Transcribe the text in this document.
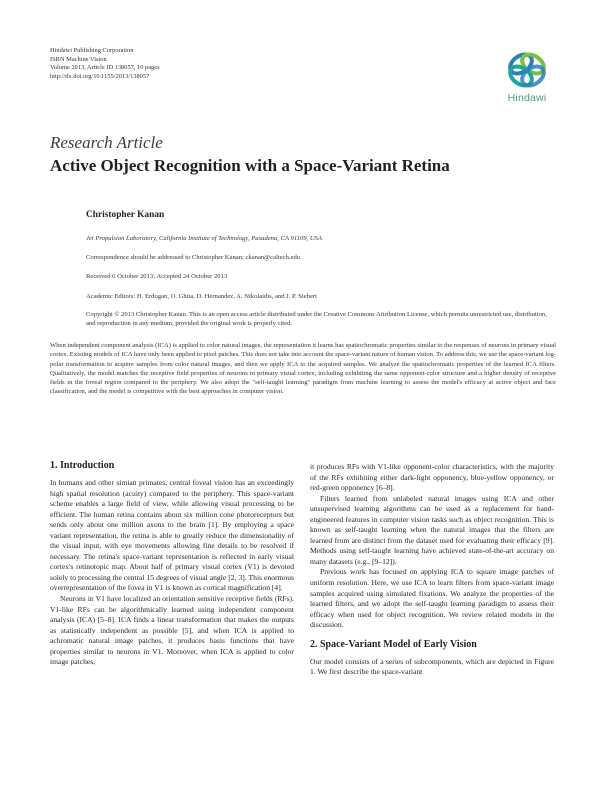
Hindawi Publishing Corporation
ISRN Machine Vision
Volume 2013, Article ID 138057, 10 pages
http://dx.doi.org/10.1155/2013/138057
Hindawi
Research Article
Active Object Recognition with a Space-Variant Retina
Christopher Kanan
Jet Propulsion Laboratory, California Institute of Technology, Pasadena, CA 91109, USA
Correspondence should be addressed to Christopher Kanan; ckanan@caltech.edu
Received 6 October 2013; Accepted 24 October 2013
Academic Editors: H. Erdogan, O. Ghita, D. Hernandez, A. Nikolaidis, and J. P. Siebert
Copyright © 2013 Christopher Kanan. This is an open access article distributed under the Creative Commons Attribution License, which permits unrestricted use, distribution, and reproduction in any medium, provided the original work is properly cited.
When independent component analysis (ICA) is applied to color natural images, the representation it learns has spatiochromatic properties similar to the responses of neurons in primary visual cortex. Existing models of ICA have only been applied to pixel patches. This does not take into account the space-variant nature of human vision. To address this, we use the space-variant log-polar transformation to acquire samples from color natural images, and then we apply ICA to the acquired samples. We analyze the spatiochromatic properties of the learned ICA filters. Qualitatively, the model matches the receptive field properties of neurons in primary visual cortex, including exhibiting the same opponent-color structure and a higher density of receptive fields in the foveal region compared to the periphery. We also adopt the "self-taught learning" paradigm from machine learning to assess the model's efficacy at active object and face classification, and the model is competitive with the best approaches in computer vision.
1. Introduction

In humans and other simian primates, central foveal vision has an exceedingly high spatial resolution (acuity) compared to the periphery. This space-variant scheme enables a large field of view, while allowing visual processing to be efficient. The human retina contains about six million cone photoreceptors but sends only about one million axons to the brain [1]. By employing a space variant representation, the retina is able to greatly reduce the dimensionality of the visual input, with eye movements allowing fine details to be resolved if necessary. The retina's space-variant representation is reflected in early visual cortex's retinotopic map. About half of primary visual cortex (V1) is devoted solely to processing the central 15 degrees of visual angle [2, 3]. This enormous overrepresentation of the fovea in V1 is known as cortical magnification [4].

Neurons in V1 have localized an orientation sensitive receptive fields (RFs). V1-like RFs can be algorithmically learned using independent component analysis (ICA) [5–8]. ICA finds a linear transformation that makes the outputs as statistically independent as possible [5], and when ICA is applied to achromatic natural image patches, it produces basis functions that have properties similar to neurons in V1. Moreover, when ICA is applied to color image patches,

it produces RFs with V1-like opponent-color characteristics, with the majority of the RFs exhibiting either dark-light opponency, blue-yellow opponency, or red-green opponency [6–8].

Filters learned from unlabeled natural images using ICA and other unsupervised learning algorithms can be used as a replacement for hand-engineered features in computer vision tasks such as object recognition. This is known as self-taught learning when the natural images that the filters are learned from are distinct from the dataset used for evaluating their efficacy [9]. Methods using self-taught learning have achieved state-of-the-art accuracy on many datasets (e.g., [9–12]).

Previous work has focused on applying ICA to square image patches of uniform resolution. Here, we use ICA to learn filters from space-variant image samples acquired using simulated fixations. We analyze the properties of the learned filters, and we adopt the self-taught learning paradigm to assess their efficacy when used for object recognition. We review related models in the discussion.

2. Space-Variant Model of Early Vision

Our model consists of a series of subcomponents, which are depicted in Figure 1. We first describe the space-variant
